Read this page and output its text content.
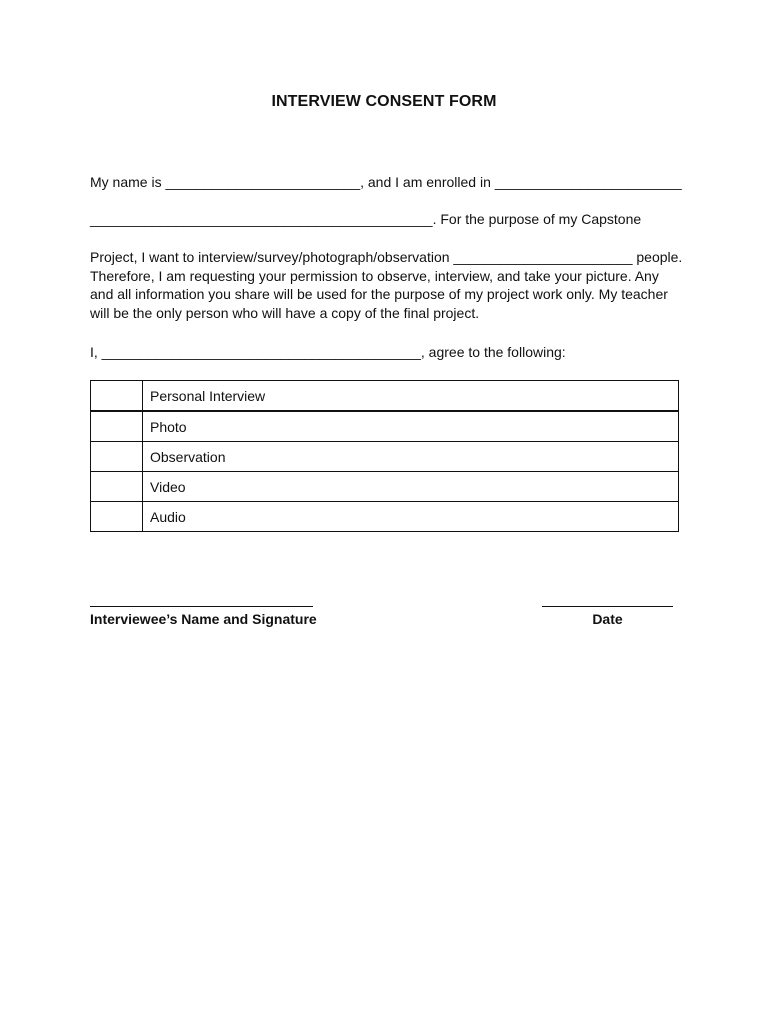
INTERVIEW CONSENT FORM
My name is _________________________, and I am enrolled in ________________________
____________________________________________. For the purpose of my Capstone
Project, I want to interview/survey/photograph/observation _______________________ people.
Therefore, I am requesting your permission to observe, interview, and take your picture. Any
and all information you share will be used for the purpose of my project work only. My teacher
will be the only person who will have a copy of the final project.
I, _________________________________________, agree to the following:
	Personal Interview
	Photo
	Observation
	Video
	Audio
Interviewee’s Name and Signature	Date
